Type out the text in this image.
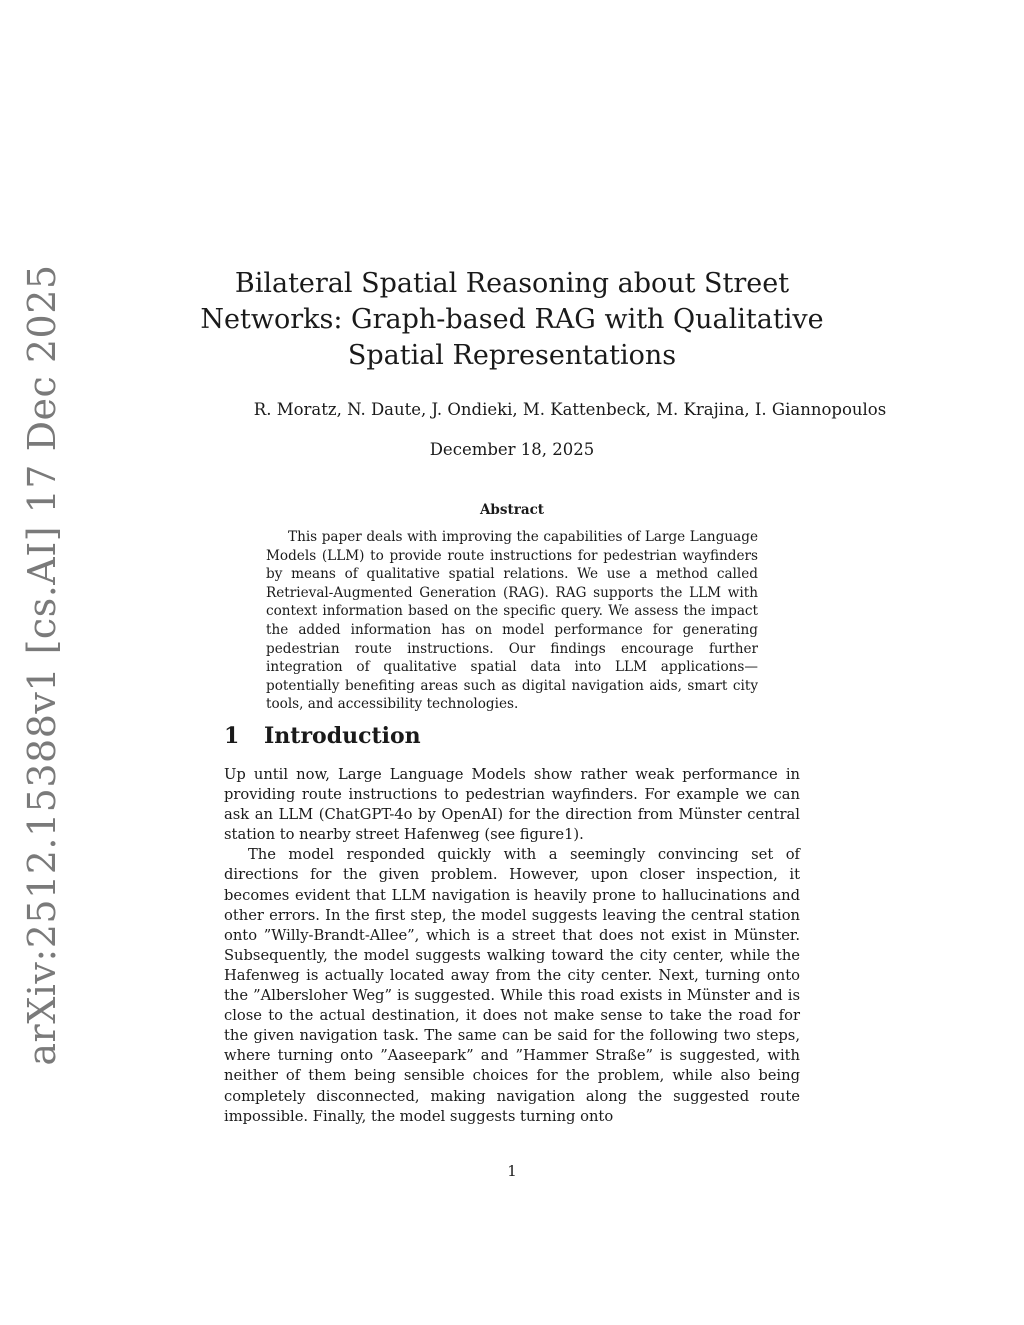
arXiv:2512.15388v1 [cs.AI] 17 Dec 2025	Bilateral Spatial Reasoning about Street
Networks: Graph-based RAG with Qualitative
Spatial Representations
R. Moratz, N. Daute, J. Ondieki, M. Kattenbeck, M. Krajina, I. Giannopoulos
December 18, 2025
Abstract

This paper deals with improving the capabilities of Large Language Models (LLM) to provide route instructions for pedestrian wayfinders by means of qualitative spatial relations. We use a method called Retrieval-Augmented Generation (RAG). RAG supports the LLM with context information based on the specific query. We assess the impact the added information has on model performance for generating pedestrian route instructions. Our findings encourage further integration of qualitative spatial data into LLM applications—potentially benefiting areas such as digital navigation aids, smart city tools, and accessibility technologies.

1 Introduction

Up until now, Large Language Models show rather weak performance in providing route instructions to pedestrian wayfinders. For example we can ask an LLM (ChatGPT-4o by OpenAI) for the direction from Münster central station to nearby street Hafenweg (see figure1).

The model responded quickly with a seemingly convincing set of directions for the given problem. However, upon closer inspection, it becomes evident that LLM navigation is heavily prone to hallucinations and other errors. In the first step, the model suggests leaving the central station onto ”Willy-Brandt-Allee”, which is a street that does not exist in Münster. Subsequently, the model suggests walking toward the city center, while the Hafenweg is actually located away from the city center. Next, turning onto the ”Albersloher Weg” is suggested. While this road exists in Münster and is close to the actual destination, it does not make sense to take the road for the given navigation task. The same can be said for the following two steps, where turning onto ”Aaseepark” and ”Hammer Straße” is suggested, with neither of them being sensible choices for the problem, while also being completely disconnected, making navigation along the suggested route impossible. Finally, the model suggests turning onto

1
